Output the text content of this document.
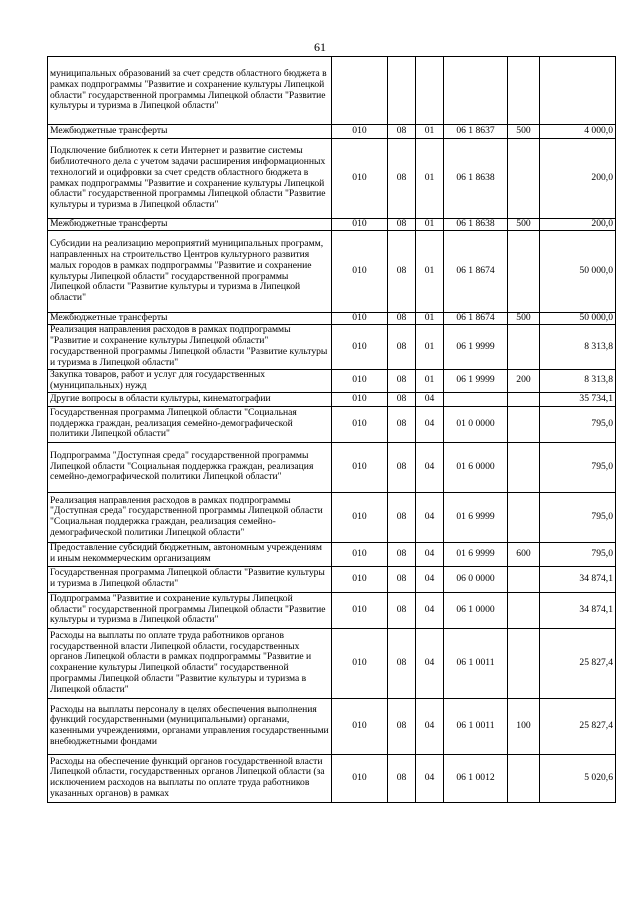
61
муниципальных образований за счет средств областного бюджета в рамках подпрограммы "Развитие и сохранение культуры Липецкой области" государственной программы Липецкой области "Развитие культуры и туризма в Липецкой области"						
Межбюджетные трансферты	010	08	01	06 1 8637	500	4 000,0
Подключение библиотек к сети Интернет и развитие системы библиотечного дела с учетом задачи расширения информационных технологий и оцифровки за счет средств областного бюджета в рамках подпрограммы "Развитие и сохранение культуры Липецкой области" государственной программы Липецкой области "Развитие культуры и туризма в Липецкой области"	010	08	01	06 1 8638		200,0
Межбюджетные трансферты	010	08	01	06 1 8638	500	200,0
Субсидии на реализацию мероприятий муниципальных программ, направленных на строительство Центров культурного развития малых городов в рамках подпрограммы "Развитие и сохранение культуры Липецкой области" государственной программы Липецкой области "Развитие культуры и туризма в Липецкой области"	010	08	01	06 1 8674		50 000,0
Межбюджетные трансферты	010	08	01	06 1 8674	500	50 000,0
Реализация направления расходов в рамках подпрограммы "Развитие и сохранение культуры Липецкой области" государственной программы Липецкой области "Развитие культуры и туризма в Липецкой области"	010	08	01	06 1 9999		8 313,8
Закупка товаров, работ и услуг для государственных (муниципальных) нужд	010	08	01	06 1 9999	200	8 313,8
Другие вопросы в области культуры, кинематографии	010	08	04			35 734,1
Государственная программа Липецкой области "Социальная поддержка граждан, реализация семейно-демографической политики Липецкой области"	010	08	04	01 0 0000		795,0
Подпрограмма "Доступная среда" государственной программы Липецкой области "Социальная поддержка граждан, реализация семейно-демографической политики Липецкой области"	010	08	04	01 6 0000		795,0
Реализация направления расходов в рамках подпрограммы "Доступная среда" государственной программы Липецкой области "Социальная поддержка граждан, реализация семейно-демографической политики Липецкой области"	010	08	04	01 6 9999		795,0
Предоставление субсидий бюджетным, автономным учреждениям и иным некоммерческим организациям	010	08	04	01 6 9999	600	795,0
Государственная программа Липецкой области "Развитие культуры и туризма в Липецкой области"	010	08	04	06 0 0000		34 874,1
Подпрограмма "Развитие и сохранение культуры Липецкой области" государственной программы Липецкой области "Развитие культуры и туризма в Липецкой области"	010	08	04	06 1 0000		34 874,1
Расходы на выплаты по оплате труда работников органов государственной власти Липецкой области, государственных органов Липецкой области в рамках подпрограммы "Развитие и сохранение культуры Липецкой области" государственной программы Липецкой области "Развитие культуры и туризма в Липецкой области"	010	08	04	06 1 0011		25 827,4
Расходы на выплаты персоналу в целях обеспечения выполнения функций государственными (муниципальными) органами, казенными учреждениями, органами управления государственными внебюджетными фондами	010	08	04	06 1 0011	100	25 827,4
Расходы на обеспечение функций органов государственной власти Липецкой области, государственных органов Липецкой области (за исключением расходов на выплаты по оплате труда работников указанных органов) в рамках	010	08	04	06 1 0012		5 020,6
